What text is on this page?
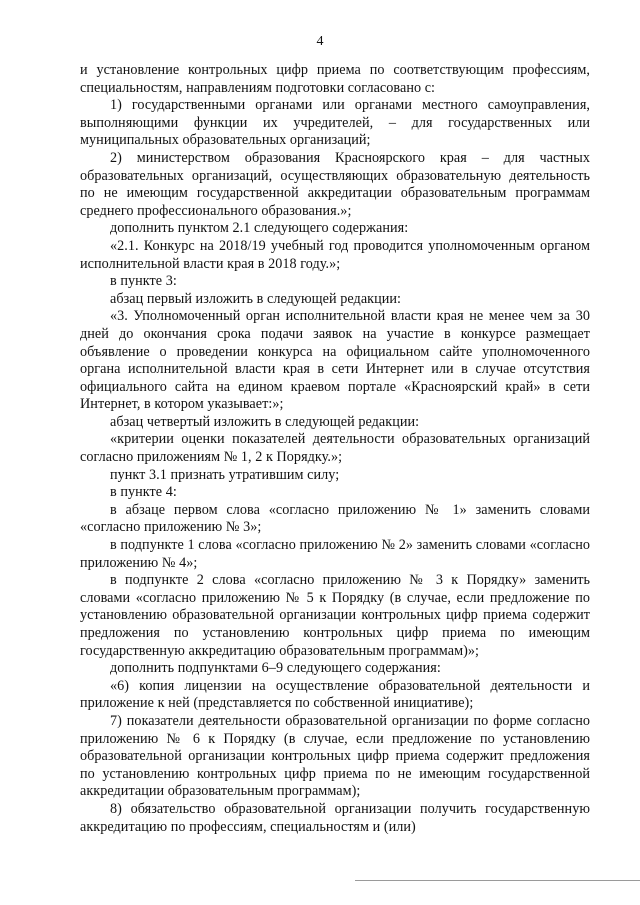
4

и установление контрольных цифр приема по соответствующим профессиям, специальностям, направлениям подготовки согласовано с:

1) государственными органами или органами местного самоуправления, выполняющими функции их учредителей, – для государственных или муниципальных образовательных организаций;

2) министерством образования Красноярского края – для частных образовательных организаций, осуществляющих образовательную деятельность по не имеющим государственной аккредитации образовательным программам среднего профессионального образования.»;

дополнить пунктом 2.1 следующего содержания:

«2.1. Конкурс на 2018/19 учебный год проводится уполномоченным органом исполнительной власти края в 2018 году.»;

в пункте 3:

абзац первый изложить в следующей редакции:

«3. Уполномоченный орган исполнительной власти края не менее чем за 30 дней до окончания срока подачи заявок на участие в конкурсе размещает объявление о проведении конкурса на официальном сайте уполномоченного органа исполнительной власти края в сети Интернет или в случае отсутствия официального сайта на едином краевом портале «Красноярский край» в сети Интернет, в котором указывает:»;

абзац четвертый изложить в следующей редакции:

«критерии оценки показателей деятельности образовательных организаций согласно приложениям № 1, 2 к Порядку.»;

пункт 3.1 признать утратившим силу;

в пункте 4:

в абзаце первом слова «согласно приложению № 1» заменить словами «согласно приложению № 3»;

в подпункте 1 слова «согласно приложению № 2» заменить словами «согласно приложению № 4»;

в подпункте 2 слова «согласно приложению № 3 к Порядку» заменить словами «согласно приложению № 5 к Порядку (в случае, если предложение по установлению образовательной организации контрольных цифр приема содержит предложения по установлению контрольных цифр приема по имеющим государственную аккредитацию образовательным программам)»;

дополнить подпунктами 6–9 следующего содержания:

«6) копия лицензии на осуществление образовательной деятельности и приложение к ней (представляется по собственной инициативе);

7) показатели деятельности образовательной организации по форме согласно приложению № 6 к Порядку (в случае, если предложение по установлению образовательной организации контрольных цифр приема содержит предложения по установлению контрольных цифр приема по не имеющим государственной аккредитации образовательным программам);

8) обязательство образовательной организации получить государственную аккредитацию по профессиям, специальностям и (или)
